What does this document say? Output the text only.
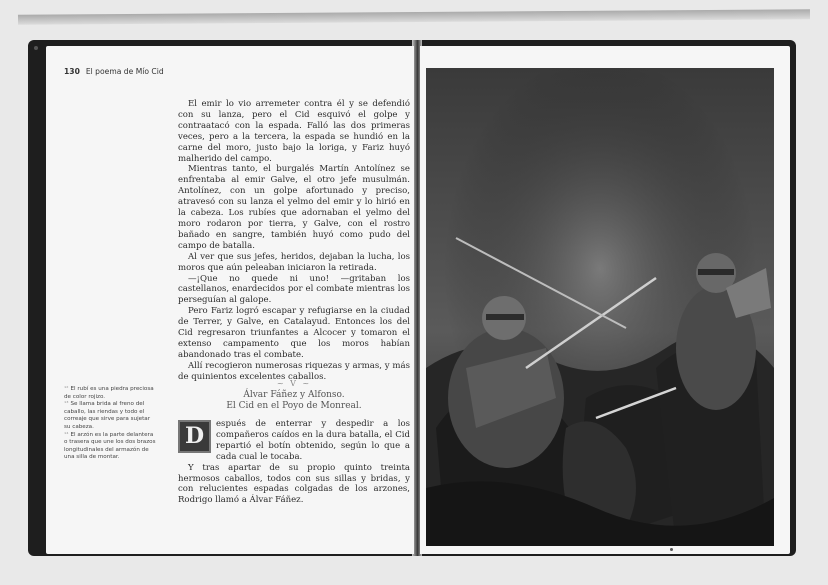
130 El poema de Mío Cid

El emir lo vio arremeter contra él y se defendió con su lanza, pero el Cid esquivó el golpe y contraatacó con la espada. Falló las dos primeras veces, pero a la tercera, la espada se hundió en la carne del moro, justo bajo la loriga, y Fariz huyó malherido del campo.

Mientras tanto, el burgalés Martín Antolínez se enfrentaba al emir Galve, el otro jefe musulmán. Antolínez, con un golpe afortunado y preciso, atravesó con su lanza el yelmo del emir y lo hirió en la cabeza. Los rubíes que adornaban el yelmo del moro rodaron por tierra, y Galve, con el rostro bañado en sangre, también huyó como pudo del campo de batalla.

Al ver que sus jefes, heridos, dejaban la lucha, los moros que aún peleaban iniciaron la retirada.

—¡Que no quede ni uno! —gritaban los castellanos, enardecidos por el combate mientras los perseguían al galope.

Pero Fariz logró escapar y refugiarse en la ciudad de Terrer, y Galve, en Catalayud. Entonces los del Cid regresaron triunfantes a Alcocer y tomaron el extenso campamento que los moros habían abandonado tras el combate.

Allí recogieron numerosas riquezas y armas, y más de quinientos excelentes caballos.

~ V ~
Álvar Fáñez y Alfonso.
El Cid en el Poyo de Monreal.
D	espués de enterrar y despedir a los compañeros caídos en la dura batalla, el Cid repartió el botín obtenido, según lo que a cada cual le tocaba.

Y tras apartar de su propio quinto treinta hermosos caballos, todos con sus sillas y bridas, y con relucientes espadas colgadas de los arzones, Rodrigo llamó a Álvar Fáñez.

¹² El rubí es una piedra preciosa de color rojizo.
¹³ Se llama brida al freno del caballo, las riendas y todo el correaje que sirve para sujetar su cabeza.
¹⁴ El arzón es la parte delantera o trasera que une los dos brazos longitudinales del armazón de una silla de montar.
